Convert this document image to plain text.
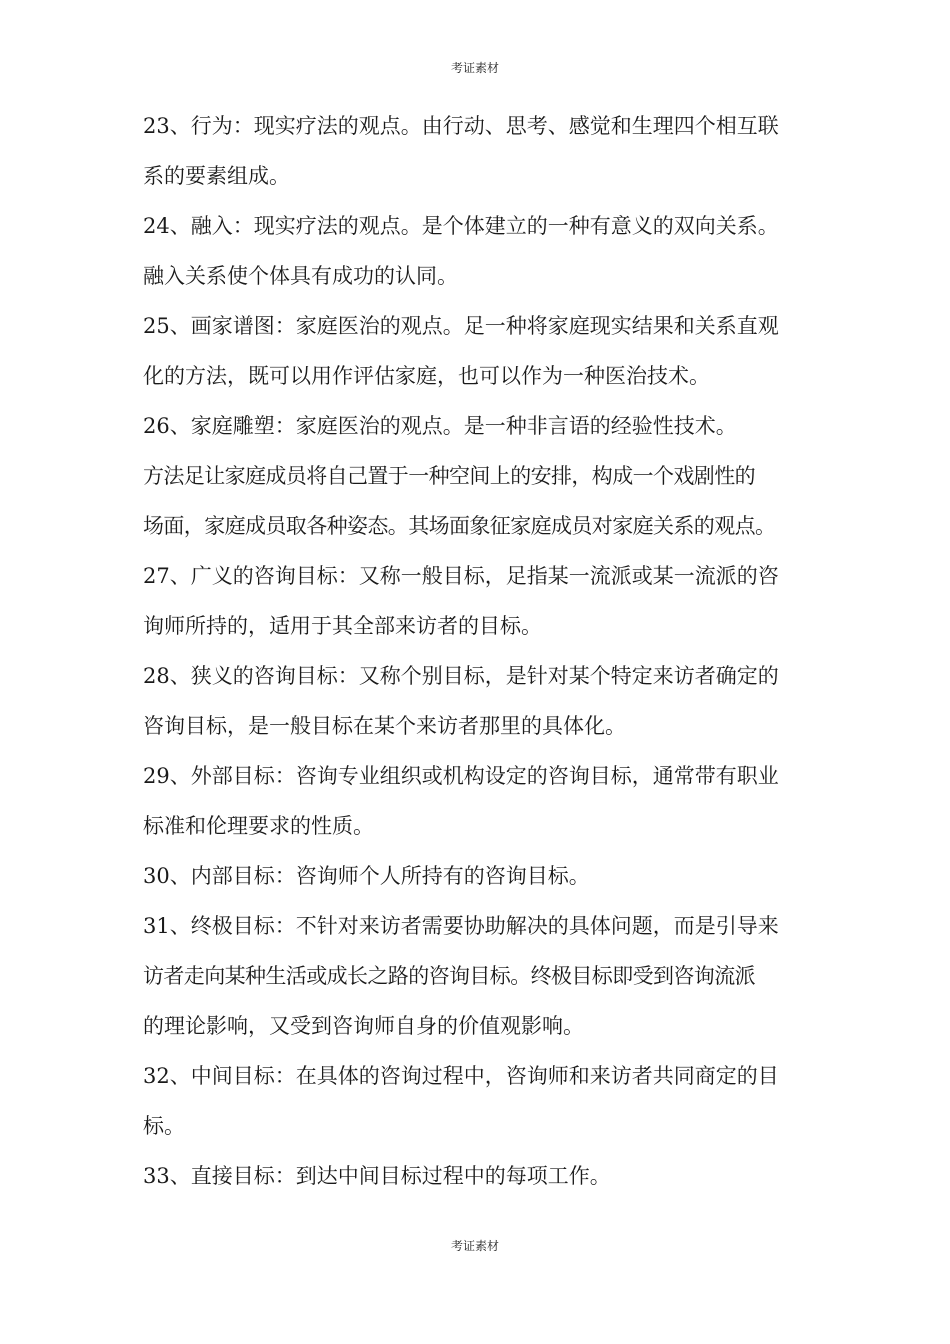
考证素材
23、行为：现实疗法的观点。由行动、思考、感觉和生理四个相互联
系的要素组成。
24、融入：现实疗法的观点。是个体建立的一种有意义的双向关系。
融入关系使个体具有成功的认同。
25、画家谱图：家庭医治的观点。足一种将家庭现实结果和关系直观
化的方法，既可以用作评估家庭，也可以作为一种医治技术。
26、家庭雕塑：家庭医治的观点。是一种非言语的经验性技术。
方法足让家庭成员将自己置于一种空间上的安排，构成一个戏剧性的
场面，家庭成员取各种姿态。其场面象征家庭成员对家庭关系的观点。
27、广义的咨询目标：又称一般目标，足指某一流派或某一流派的咨
询师所持的，适用于其全部来访者的目标。
28、狭义的咨询目标：又称个别目标，是针对某个特定来访者确定的
咨询目标，是一般目标在某个来访者那里的具体化。
29、外部目标：咨询专业组织或机构设定的咨询目标，通常带有职业
标准和伦理要求的性质。
30、内部目标：咨询师个人所持有的咨询目标。
31、终极目标：不针对来访者需要协助解决的具体问题，而是引导来
访者走向某种生活或成长之路的咨询目标。终极目标即受到咨询流派
的理论影响，又受到咨询师自身的价值观影响。
32、中间目标：在具体的咨询过程中，咨询师和来访者共同商定的目
标。
33、直接目标：到达中间目标过程中的每项工作。
考证素材
